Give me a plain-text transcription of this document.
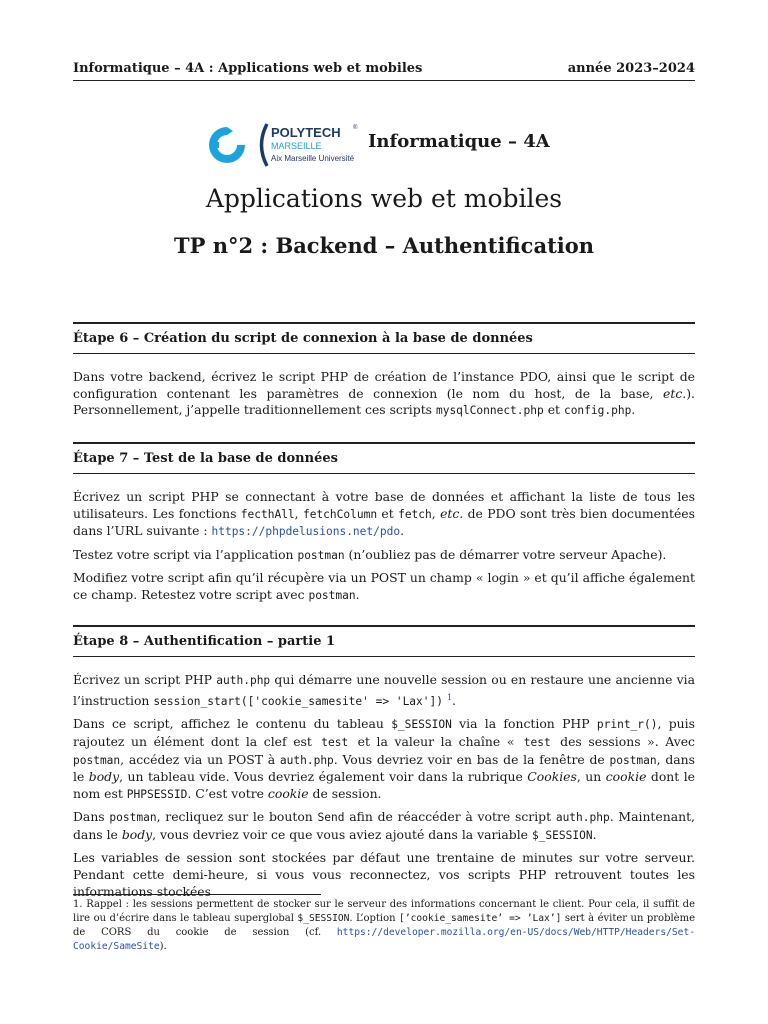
Informatique – 4A : Applications web et mobiles	année 2023–2024
POLYTECH ®
MARSEILLE
Aix Marseille Université
Informatique – 4A
Applications web et mobiles
TP n°2 : Backend – Authentification
Étape 6 – Création du script de connexion à la base de données

Dans votre backend, écrivez le script PHP de création de l’instance PDO, ainsi que le script de configuration contenant les paramètres de connexion (le nom du host, de la base, etc.). Personnellement, j’appelle traditionnellement ces scripts mysqlConnect.php et config.php.

Étape 7 – Test de la base de données

Écrivez un script PHP se connectant à votre base de données et affichant la liste de tous les utilisateurs. Les fonctions fecthAll, fetchColumn et fetch, etc. de PDO sont très bien documentées dans l’URL suivante : https://phpdelusions.net/pdo.

Testez votre script via l’application postman (n’oubliez pas de démarrer votre serveur Apache).

Modifiez votre script afin qu’il récupère via un POST un champ « login » et qu’il affiche également ce champ. Retestez votre script avec postman.

Étape 8 – Authentification – partie 1

Écrivez un script PHP auth.php qui démarre une nouvelle session ou en restaure une ancienne via l’instruction session_start(['cookie_samesite' => 'Lax']) $^1$.

Dans ce script, affichez le contenu du tableau $_SESSION via la fonction PHP print_r(), puis rajoutez un élément dont la clef est test et la valeur la chaîne « test des sessions ». Avec postman, accédez via un POST à auth.php. Vous devriez voir en bas de la fenêtre de postman, dans le body, un tableau vide. Vous devriez également voir dans la rubrique Cookies, un cookie dont le nom est PHPSESSID. C’est votre cookie de session.

Dans postman, recliquez sur le bouton Send afin de réaccéder à votre script auth.php. Maintenant, dans le body, vous devriez voir ce que vous aviez ajouté dans la variable $_SESSION.

Les variables de session sont stockées par défaut une trentaine de minutes sur votre serveur. Pendant cette demi-heure, si vous vous reconnectez, vos scripts PHP retrouvent toutes les informations stockées

1. Rappel : les sessions permettent de stocker sur le serveur des informations concernant le client. Pour cela, il suffit de lire ou d’écrire dans le tableau superglobal $_SESSION. L’option [’cookie_samesite’ => ’Lax’] sert à éviter un problème de CORS du cookie de session (cf. https://developer.mozilla.org/en-US/docs/Web/HTTP/Headers/Set-Cookie/SameSite).
